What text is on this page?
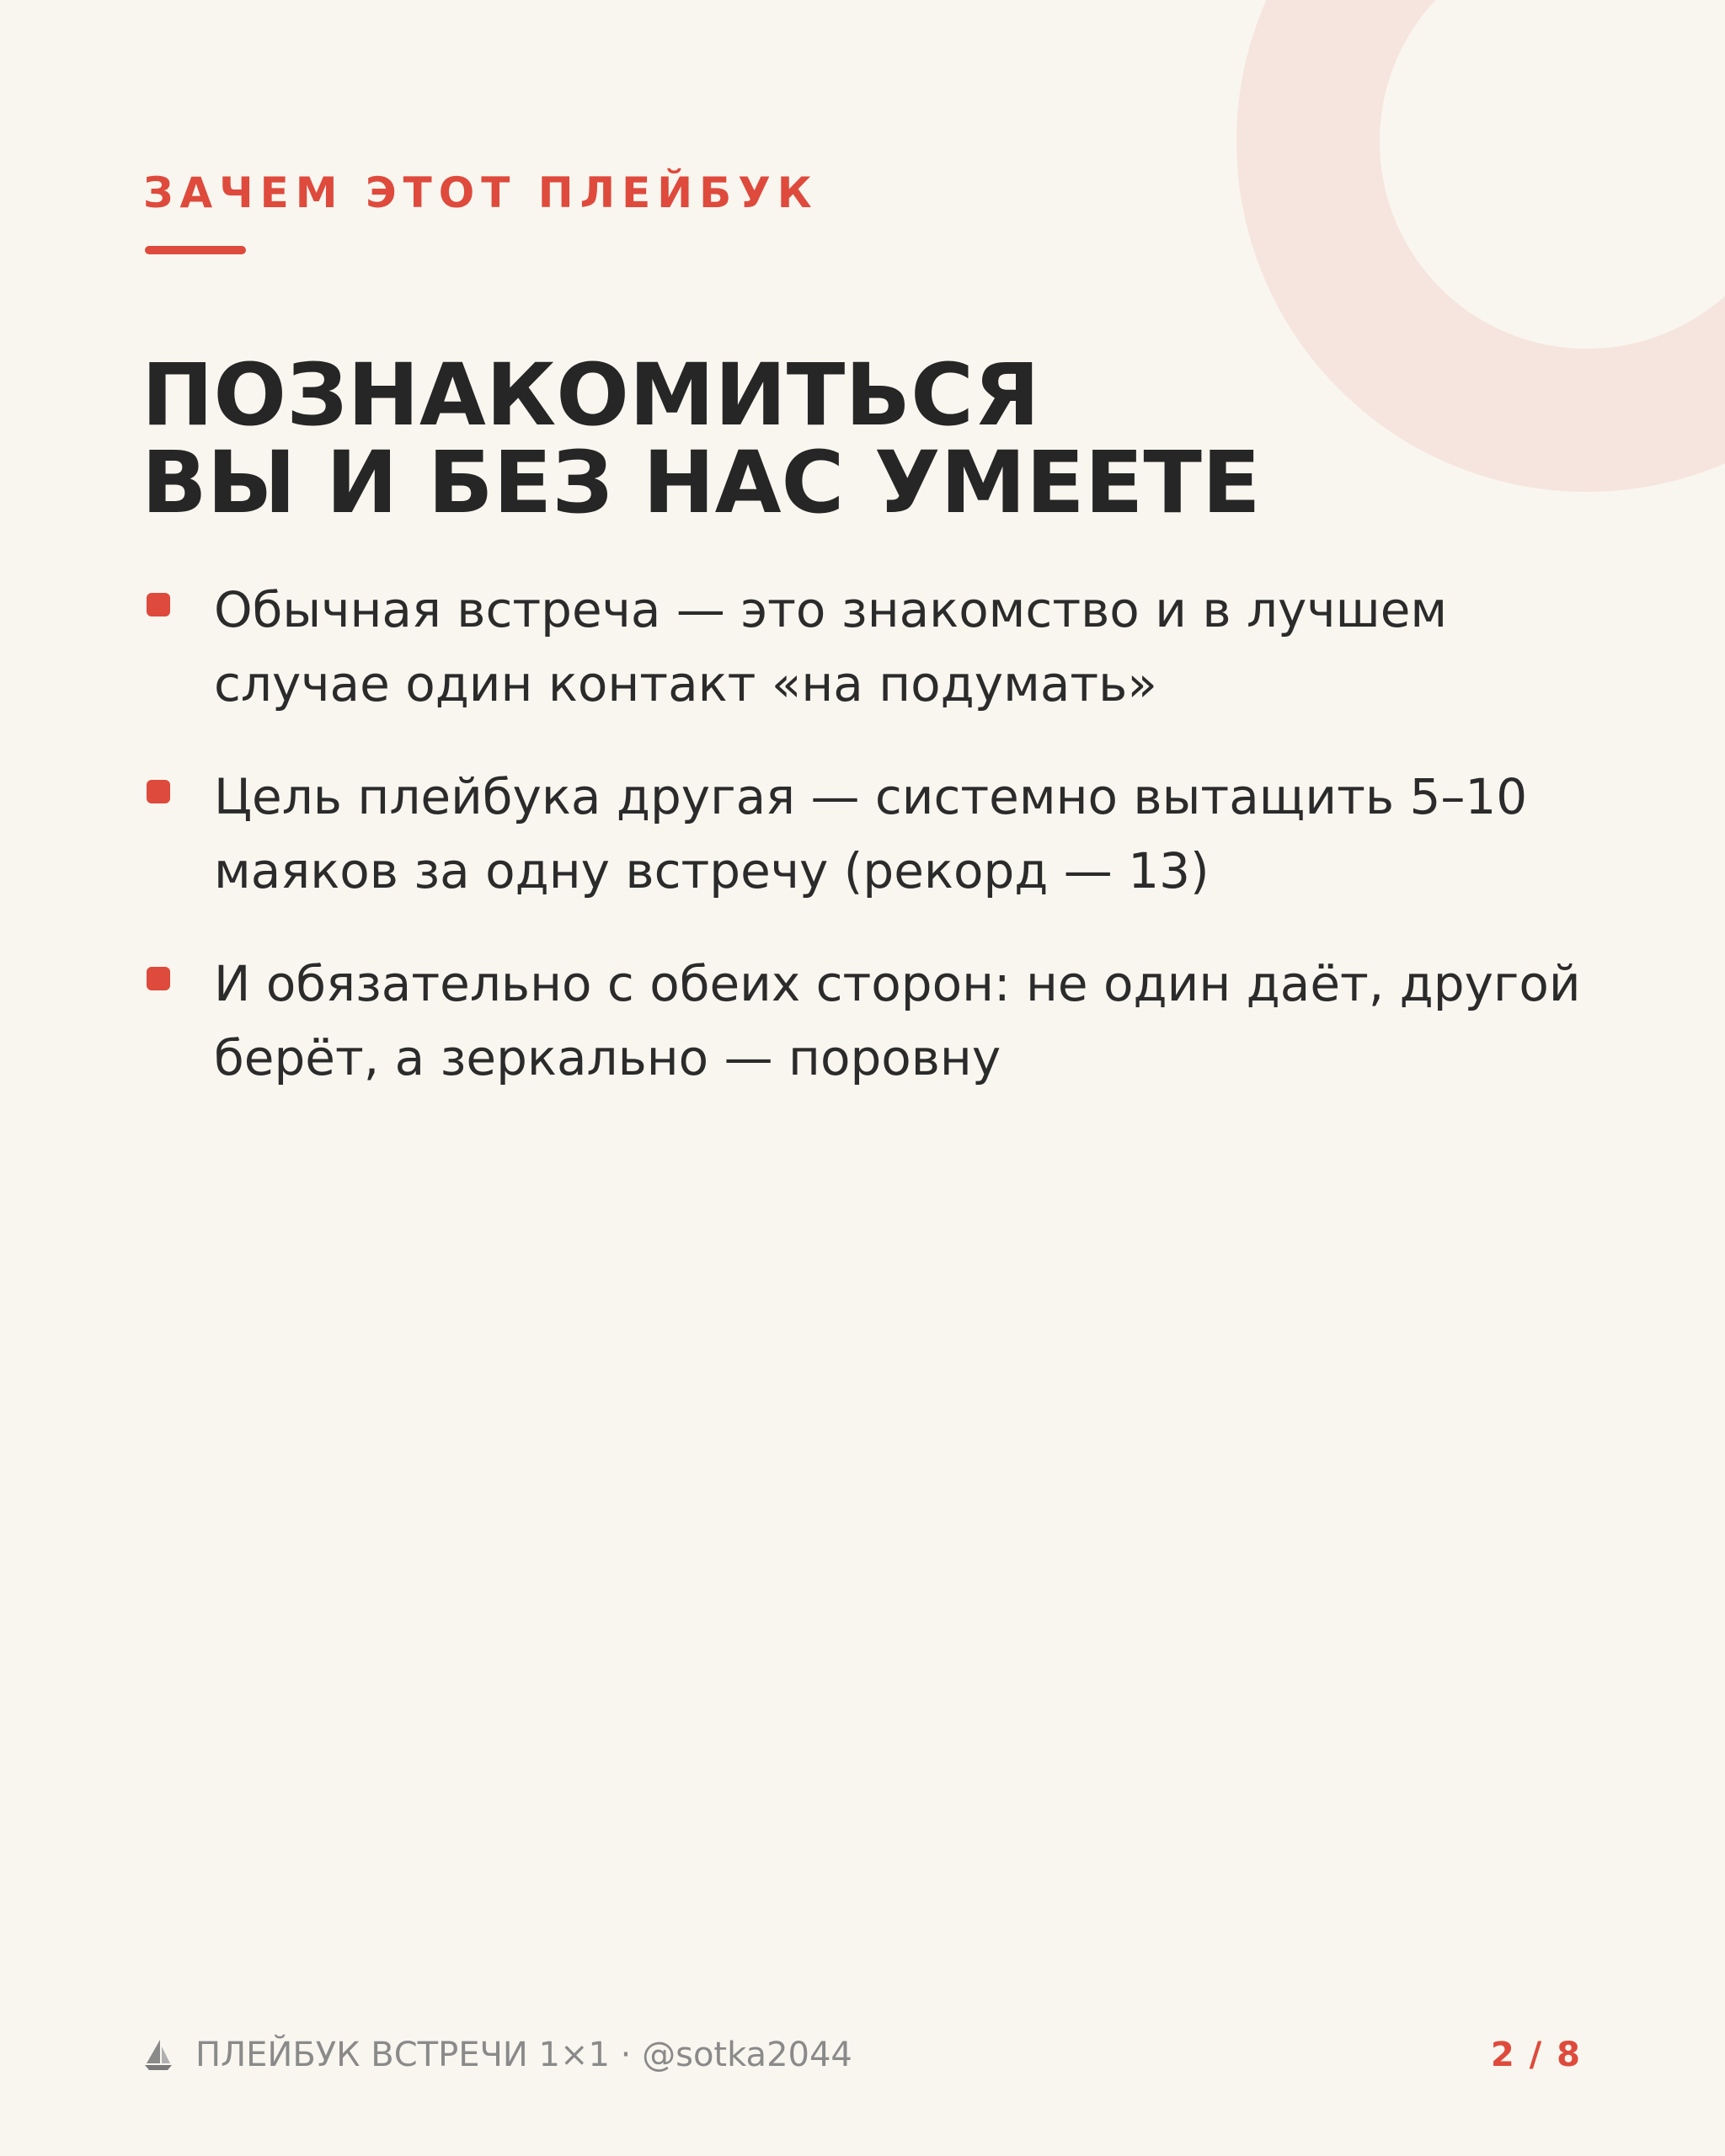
ЗАЧЕМ ЭТОТ ПЛЕЙБУК
ПОЗНАКОМИТЬСЯ
ВЫ И БЕЗ НАС УМЕЕТЕ
Обычная встреча — это знакомство и в лучшем случае один контакт «на подумать»
Цель плейбука другая — системно вытащить 5–10 маяков за одну встречу (рекорд — 13)
И обязательно с обеих сторон: не один даёт, другой берёт, а зеркально — поровну
ПЛЕЙБУК ВСТРЕЧИ 1×1 · @sotka2044	2 / 8
